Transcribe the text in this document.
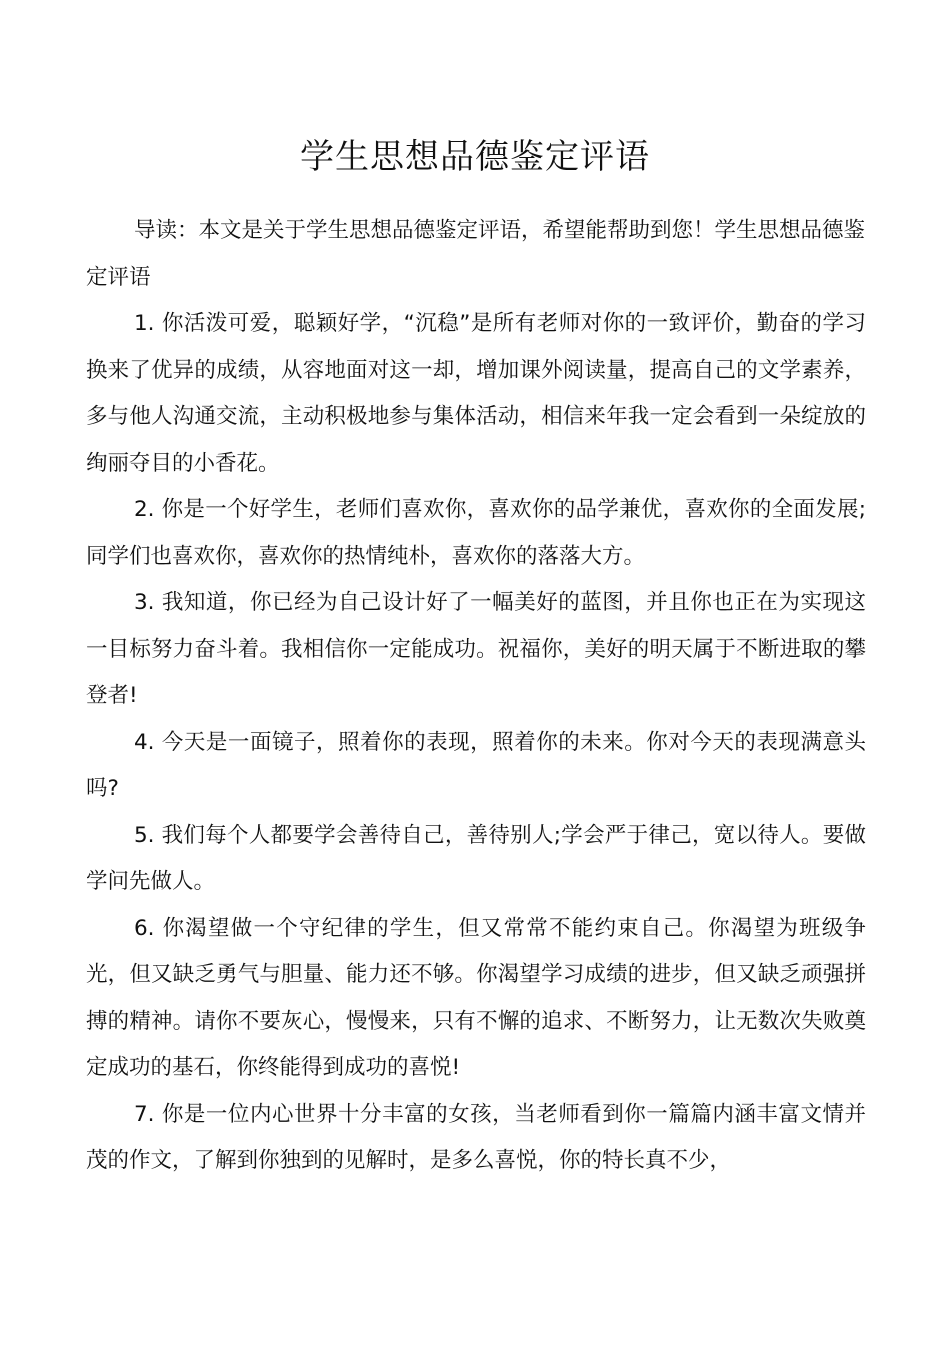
学生思想品德鉴定评语
导读：本文是关于学生思想品德鉴定评语，希望能帮助到您！学生思想品德鉴定评语

1. 你活泼可爱，聪颖好学，“沉稳”是所有老师对你的一致评价，勤奋的学习换来了优异的成绩，从容地面对这一却，增加课外阅读量，提高自己的文学素养，多与他人沟通交流，主动积极地参与集体活动，相信来年我一定会看到一朵绽放的绚丽夺目的小香花。

2. 你是一个好学生，老师们喜欢你，喜欢你的品学兼优，喜欢你的全面发展;同学们也喜欢你，喜欢你的热情纯朴，喜欢你的落落大方。

3. 我知道，你已经为自己设计好了一幅美好的蓝图，并且你也正在为实现这一目标努力奋斗着。我相信你一定能成功。祝福你，美好的明天属于不断进取的攀登者!

4. 今天是一面镜子，照着你的表现，照着你的未来。你对今天的表现满意头吗?

5. 我们每个人都要学会善待自己，善待别人;学会严于律己，宽以待人。要做学问先做人。

6. 你渴望做一个守纪律的学生，但又常常不能约束自己。你渴望为班级争光，但又缺乏勇气与胆量、能力还不够。你渴望学习成绩的进步，但又缺乏顽强拼搏的精神。请你不要灰心，慢慢来，只有不懈的追求、不断努力，让无数次失败奠定成功的基石，你终能得到成功的喜悦!

7. 你是一位内心世界十分丰富的女孩，当老师看到你一篇篇内涵丰富文情并茂的作文，了解到你独到的见解时，是多么喜悦，你的特长真不少，
